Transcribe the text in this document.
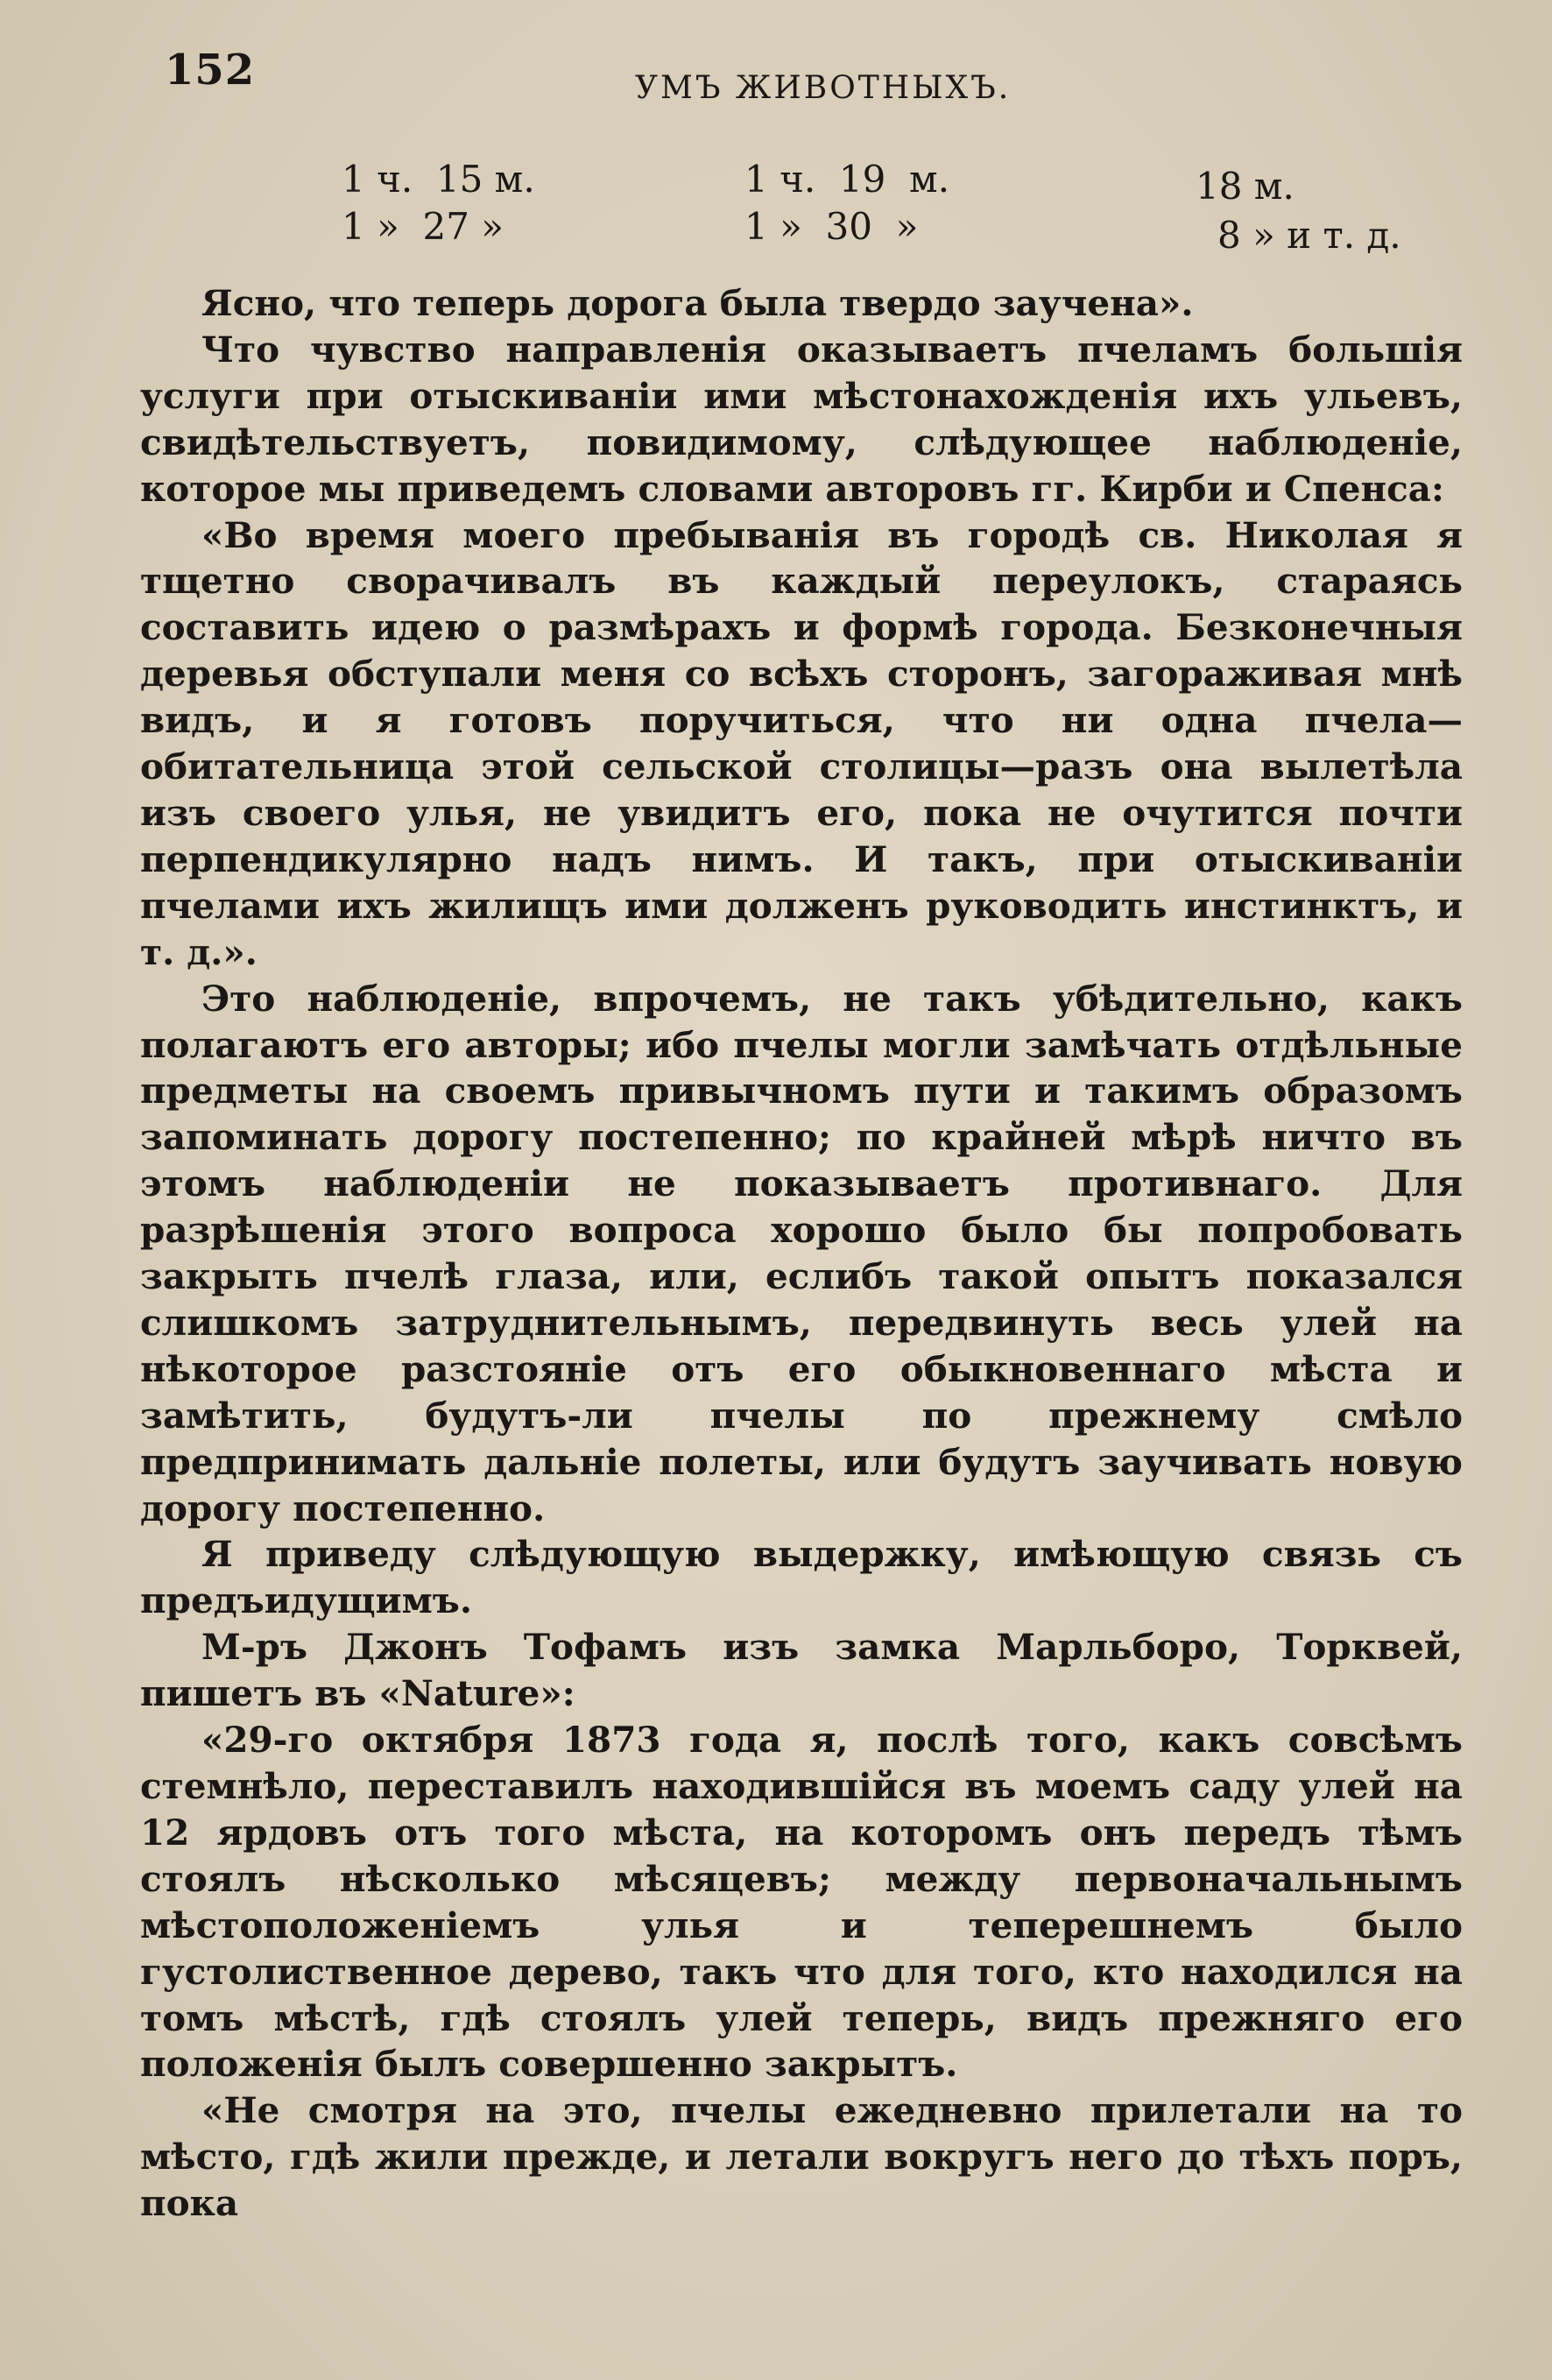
152	УМЪ ЖИВОТНЫХЪ.
1 ч.  15 м.	1 ч.  19  м.	18 м.
1 »  27 »	1 »  30  »	8 » и т. д.

Ясно, что теперь дорога была твердо заучена».

Что чувство направленія оказываетъ пчеламъ большія услуги при отыскиваніи ими мѣстонахожденія ихъ ульевъ, свидѣтельствуетъ, повидимому, слѣдующее наблюденіе, которое мы приведемъ словами авторовъ гг. Кирби и Спенса:

«Во время моего пребыванія въ городѣ св. Николая я тщетно сворачивалъ въ каждый переулокъ, стараясь составить идею о размѣрахъ и формѣ города. Безконечныя деревья обступали меня со всѣхъ сторонъ, загораживая мнѣ видъ, и я готовъ поручиться, что ни одна пчела—обитательница этой сельской столицы—разъ она вылетѣла изъ своего улья, не увидитъ его, пока не очутится почти перпендикулярно надъ нимъ. И такъ, при отыскиваніи пчелами ихъ жилищъ ими долженъ руководить инстинктъ, и т. д.».

Это наблюденіе, впрочемъ, не такъ убѣдительно, какъ полагаютъ его авторы; ибо пчелы могли замѣчать отдѣльные предметы на своемъ привычномъ пути и такимъ образомъ запоминать дорогу постепенно; по крайней мѣрѣ ничто въ этомъ наблюденіи не показываетъ противнаго. Для разрѣшенія этого вопроса хорошо было бы попробовать закрыть пчелѣ глаза, или, еслибъ такой опытъ показался слишкомъ затруднительнымъ, передвинуть весь улей на нѣкоторое разстояніе отъ его обыкновеннаго мѣста и замѣтить, будутъ-ли пчелы по прежнему смѣло предпринимать дальніе полеты, или будутъ заучивать новую дорогу постепенно.

Я приведу слѣдующую выдержку, имѣющую связь съ предъидущимъ.

М-ръ Джонъ Тофамъ изъ замка Марльборо, Торквей, пишетъ въ «Nature»:

«29-го октября 1873 года я, послѣ того, какъ совсѣмъ стемнѣло, переставилъ находившійся въ моемъ саду улей на 12 ярдовъ отъ того мѣста, на которомъ онъ передъ тѣмъ стоялъ нѣсколько мѣсяцевъ; между первоначальнымъ мѣстоположеніемъ улья и теперешнемъ было густолиственное дерево, такъ что для того, кто находился на томъ мѣстѣ, гдѣ стоялъ улей теперь, видъ прежняго его положенія былъ совершенно закрытъ.

«Не смотря на это, пчелы ежедневно прилетали на то мѣсто, гдѣ жили прежде, и летали вокругъ него до тѣхъ поръ, пока
